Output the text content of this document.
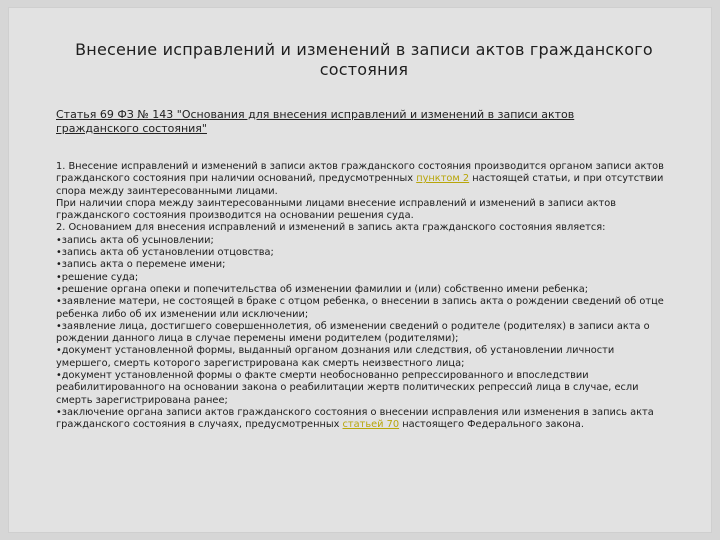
Внесение исправлений и изменений в записи актов гражданского состояния
Статья 69 ФЗ № 143 "Основания для внесения исправлений и изменений в записи актов гражданского состояния"
1. Внесение исправлений и изменений в записи актов гражданского состояния производится органом записи актов гражданского состояния при наличии оснований, предусмотренных пунктом 2 настоящей статьи, и при отсутствии спора между заинтересованными лицами.
При наличии спора между заинтересованными лицами внесение исправлений и изменений в записи актов гражданского состояния производится на основании решения суда.
2. Основанием для внесения исправлений и изменений в запись акта гражданского состояния является:
•запись акта об усыновлении;
•запись акта об установлении отцовства;
•запись акта о перемене имени;
•решение суда;
•решение органа опеки и попечительства об изменении фамилии и (или) собственно имени ребенка;
•заявление матери, не состоящей в браке с отцом ребенка, о внесении в запись акта о рождении сведений об отце ребенка либо об их изменении или исключении;
•заявление лица, достигшего совершеннолетия, об изменении сведений о родителе (родителях) в записи акта о рождении данного лица в случае перемены имени родителем (родителями);
•документ установленной формы, выданный органом дознания или следствия, об установлении личности умершего, смерть которого зарегистрирована как смерть неизвестного лица;
•документ установленной формы о факте смерти необоснованно репрессированного и впоследствии реабилитированного на основании закона о реабилитации жертв политических репрессий лица в случае, если смерть зарегистрирована ранее;
•заключение органа записи актов гражданского состояния о внесении исправления или изменения в запись акта гражданского состояния в случаях, предусмотренных статьей 70 настоящего Федерального закона.
